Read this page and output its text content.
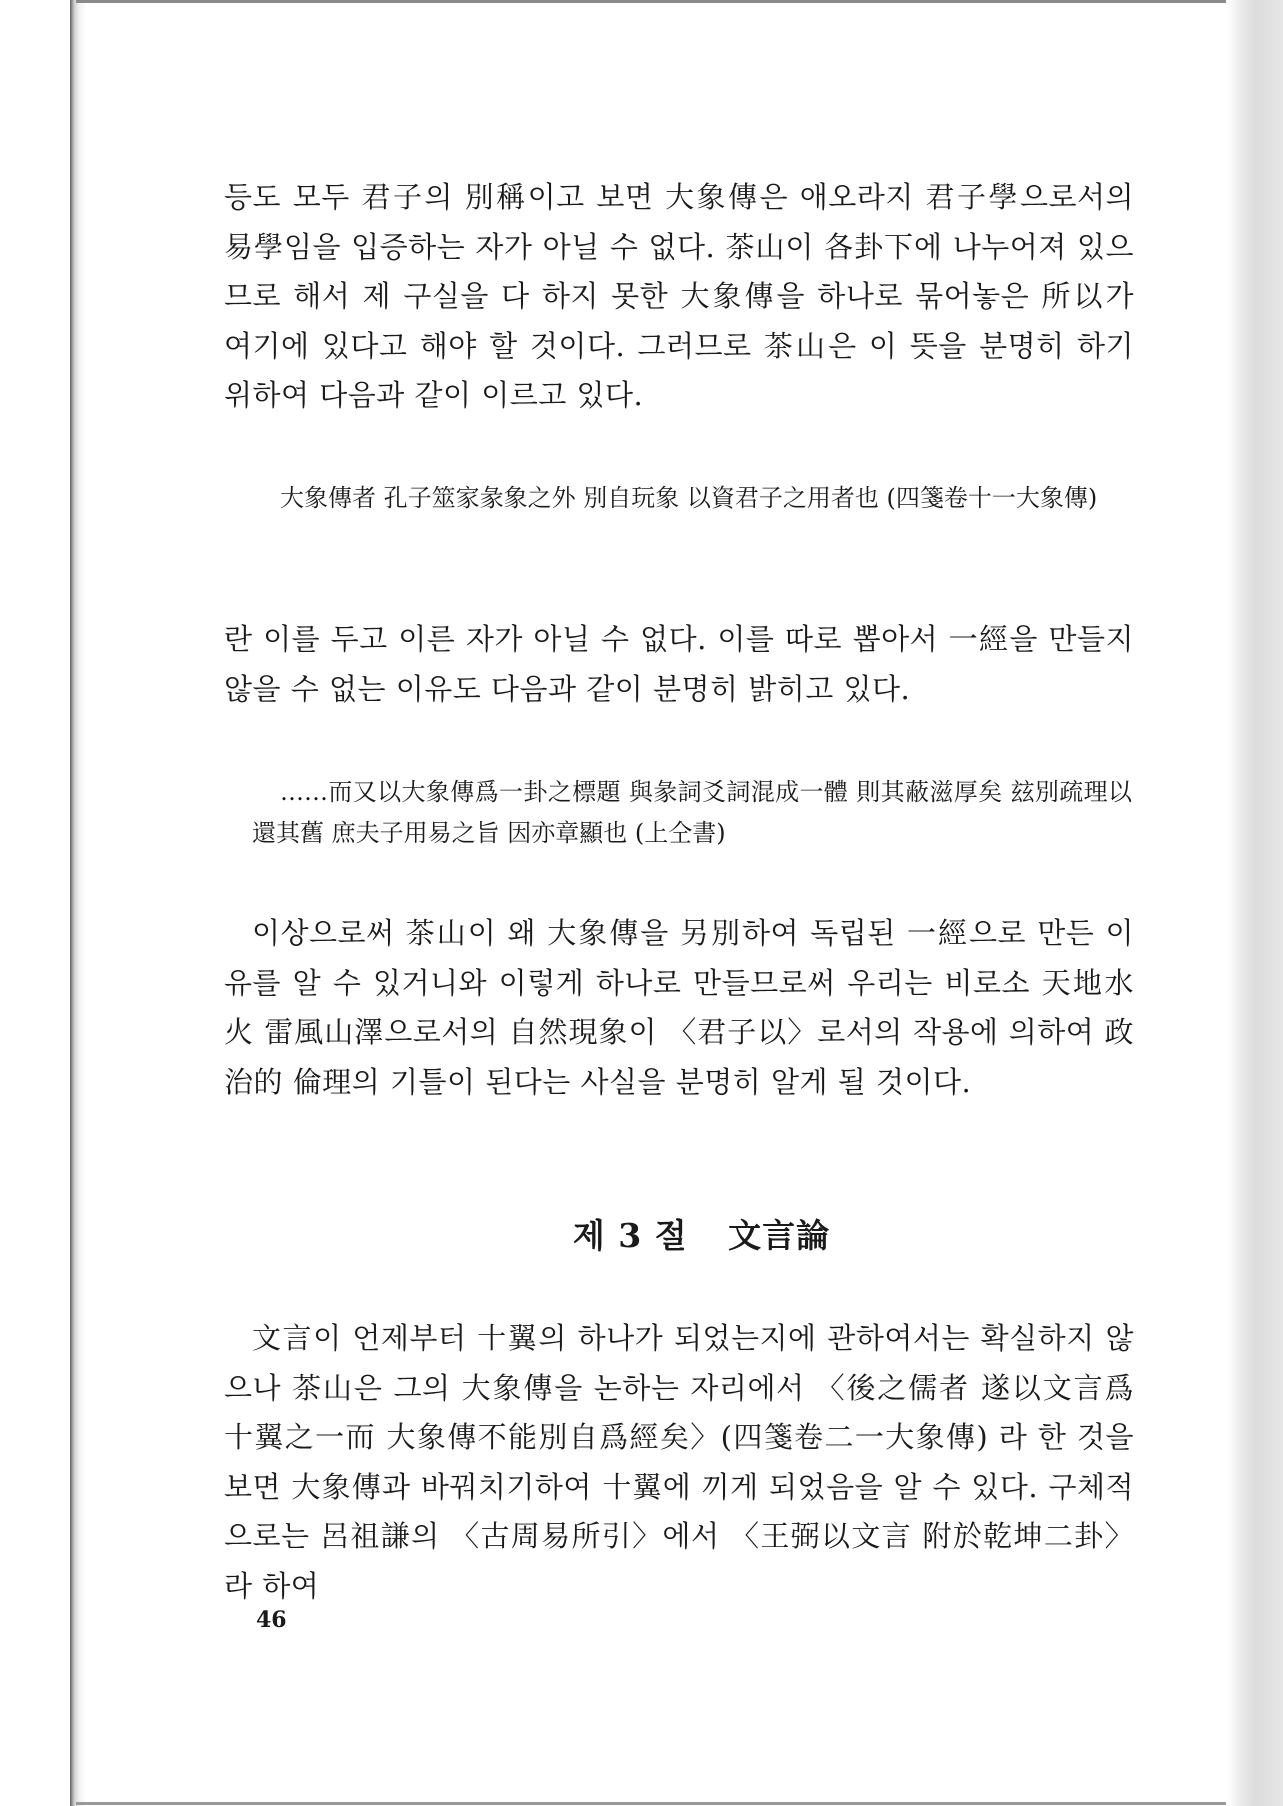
등도 모두 君子의 別稱이고 보면 大象傳은 애오라지 君子學으로서의 易學임을 입증하는 자가 아닐 수 없다. 茶山이 各卦下에 나누어져 있으므로 해서 제 구실을 다 하지 못한 大象傳을 하나로 묶어놓은 所以가 여기에 있다고 해야 할 것이다. 그러므로 茶山은 이 뜻을 분명히 하기 위하여 다음과 같이 이르고 있다.

大象傳者 孔子筮家彖象之外 別自玩象 以資君子之用者也 (四箋卷十一大象傳)

란 이를 두고 이른 자가 아닐 수 없다. 이를 따로 뽑아서 一經을 만들지 않을 수 없는 이유도 다음과 같이 분명히 밝히고 있다.

……而又以大象傳爲一卦之標題 與彖詞爻詞混成一體 則其蔽滋厚矣 玆別疏理以還其舊 庶夫子用易之旨 因亦章顯也 (上仝書)

이상으로써 茶山이 왜 大象傳을 另別하여 독립된 一經으로 만든 이유를 알 수 있거니와 이렇게 하나로 만들므로써 우리는 비로소 天地水火 雷風山澤으로서의 自然現象이 〈君子以〉로서의 작용에 의하여 政治的 倫理의 기틀이 된다는 사실을 분명히 알게 될 것이다.

제 3 절 文言論

文言이 언제부터 十翼의 하나가 되었는지에 관하여서는 확실하지 않으나 茶山은 그의 大象傳을 논하는 자리에서 〈後之儒者 遂以文言爲十翼之一而 大象傳不能別自爲經矣〉(四箋卷二一大象傳) 라 한 것을 보면 大象傳과 바꿔치기하여 十翼에 끼게 되었음을 알 수 있다. 구체적으로는 呂祖謙의 〈古周易所引〉에서 〈王弼以文言 附於乾坤二卦〉라 하여

46
